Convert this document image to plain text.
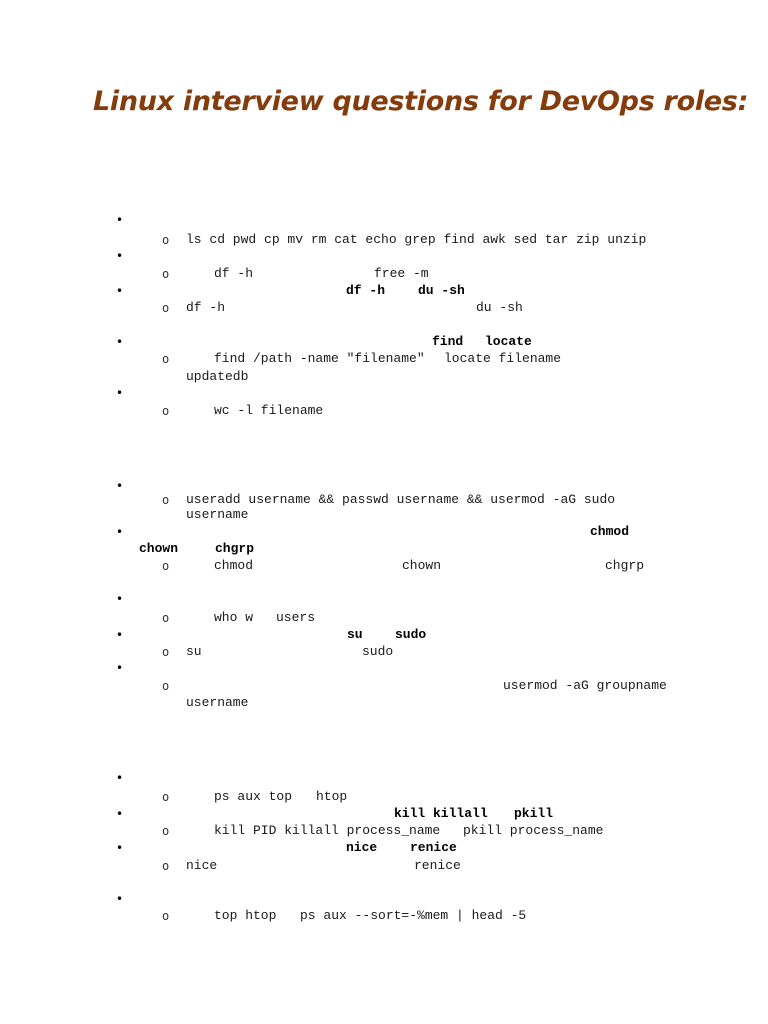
Linux interview questions for DevOps roles:
•
o ls cd pwd cp mv rm cat echo grep find awk sed tar zip unzip
•
o	df -h	free -m
•	df -h	du -sh
o df -h	du -sh
•	find locate
o	find /path -name "filename" locate filename
updatedb
•
o	wc -l filename
•
o useradd username && passwd username && usermod -aG sudo
username
•	chmod
chown	chgrp
o	chmod	chown	chgrp
•
o	who w users
•	su sudo
o su	sudo
•
o	usermod -aG groupname
username
•
o	ps aux top htop
•	kill killall pkill
o	kill PID killall process_name pkill process_name
•	nice	renice
o nice	renice
•
o	top htop ps aux --sort=-%mem | head -5
